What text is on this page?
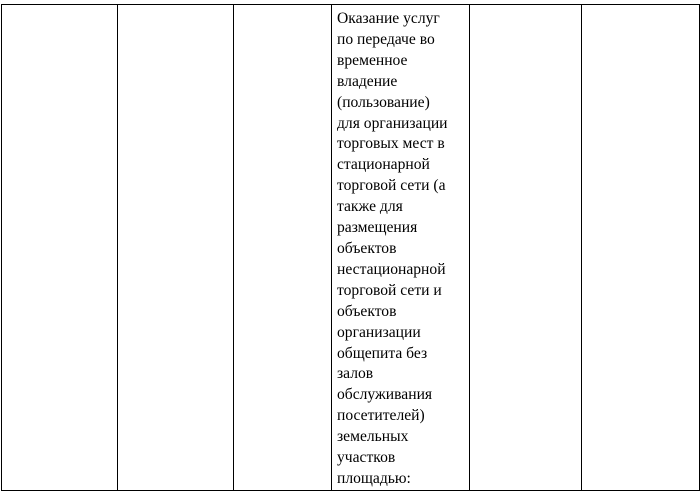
Оказание услуг
по передаче во
временное
владение
(пользование)
для организации
торговых мест в
стационарной
торговой сети (а
также для
размещения
объектов
нестационарной
торговой сети и
объектов
организации
общепита без
залов
обслуживания
посетителей)
земельных
участков
площадью:
